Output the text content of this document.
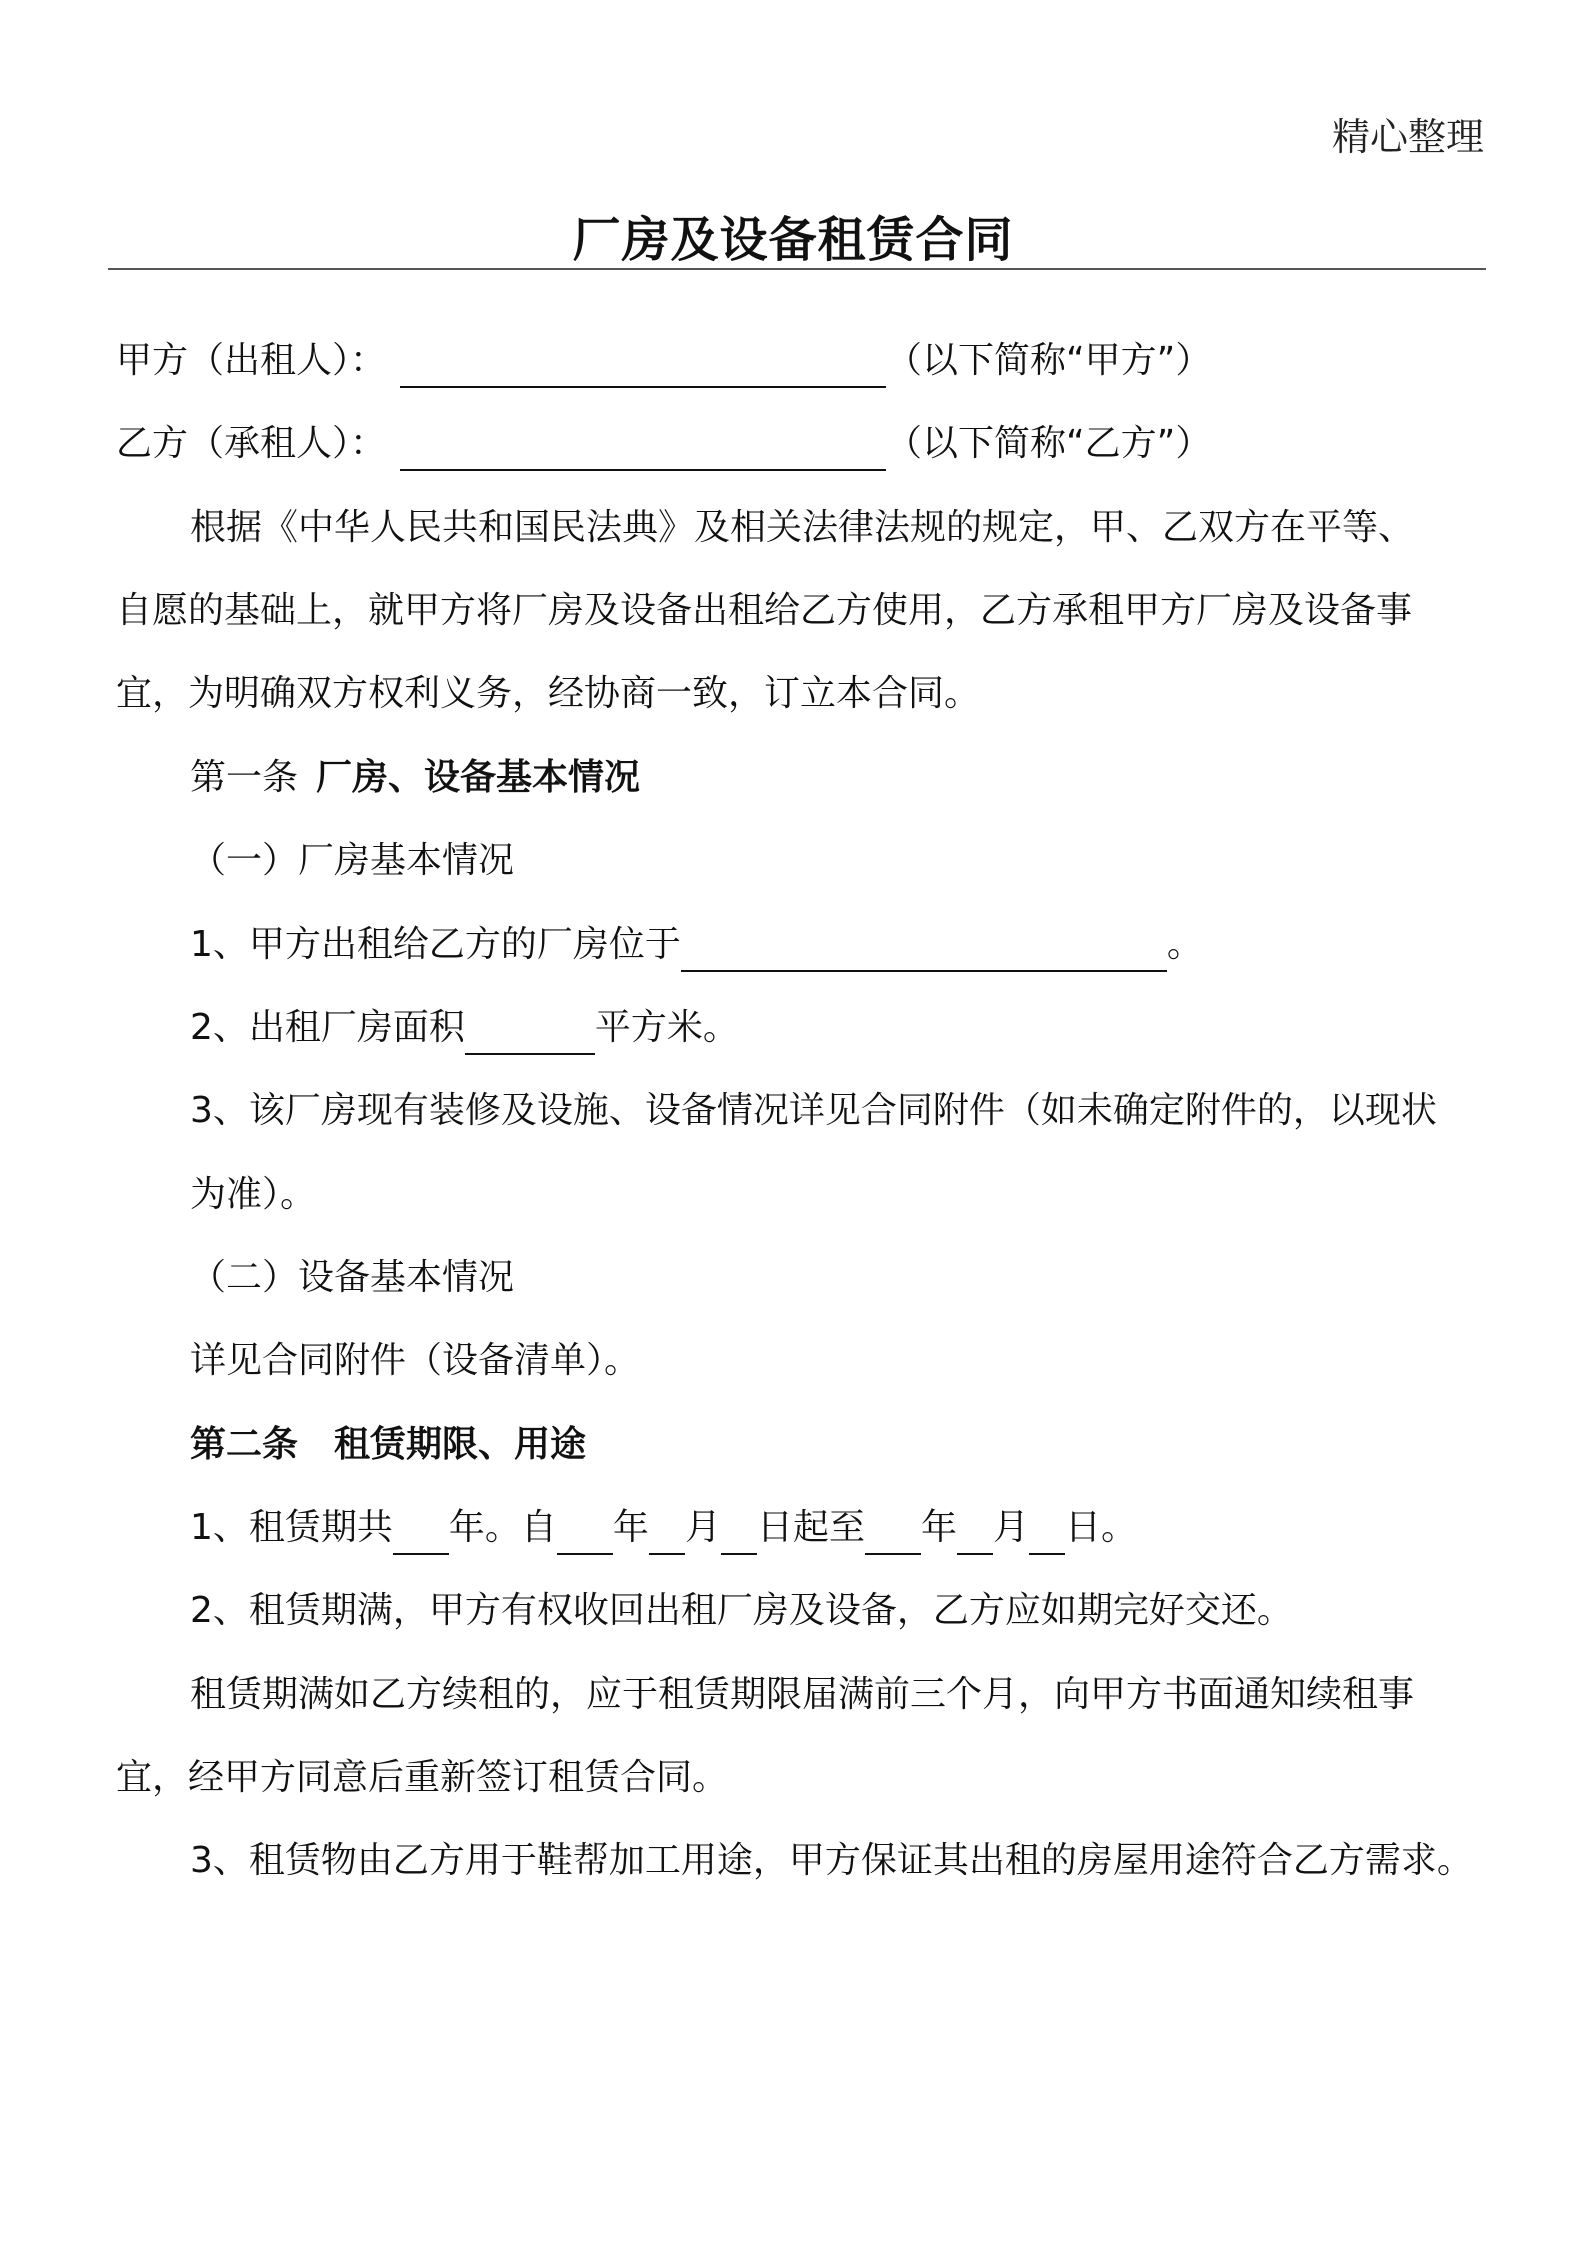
精心整理
厂房及设备租赁合同
甲方（出租人）：	（以下简称“甲方”）
乙方（承租人）：	（以下简称“乙方”）
根据《中华人民共和国民法典》及相关法律法规的规定，甲、乙双方在平等、
自愿的基础上，就甲方将厂房及设备出租给乙方使用，乙方承租甲方厂房及设备事
宜，为明确双方权利义务，经协商一致，订立本合同。
第一条 厂房、设备基本情况
（一）厂房基本情况
1、甲方出租给乙方的厂房位于	。
2、出租厂房面积	平方米。
3、该厂房现有装修及设施、设备情况详见合同附件（如未确定附件的，以现状
为准）。
（二）设备基本情况
详见合同附件（设备清单）。
第二条　租赁期限、用途
1、租赁期共 年。自 年 月 日起至 年 月 日。
2、租赁期满，甲方有权收回出租厂房及设备，乙方应如期完好交还。
租赁期满如乙方续租的，应于租赁期限届满前三个月，向甲方书面通知续租事
宜，经甲方同意后重新签订租赁合同。
3、租赁物由乙方用于鞋帮加工用途，甲方保证其出租的房屋用途符合乙方需求。
